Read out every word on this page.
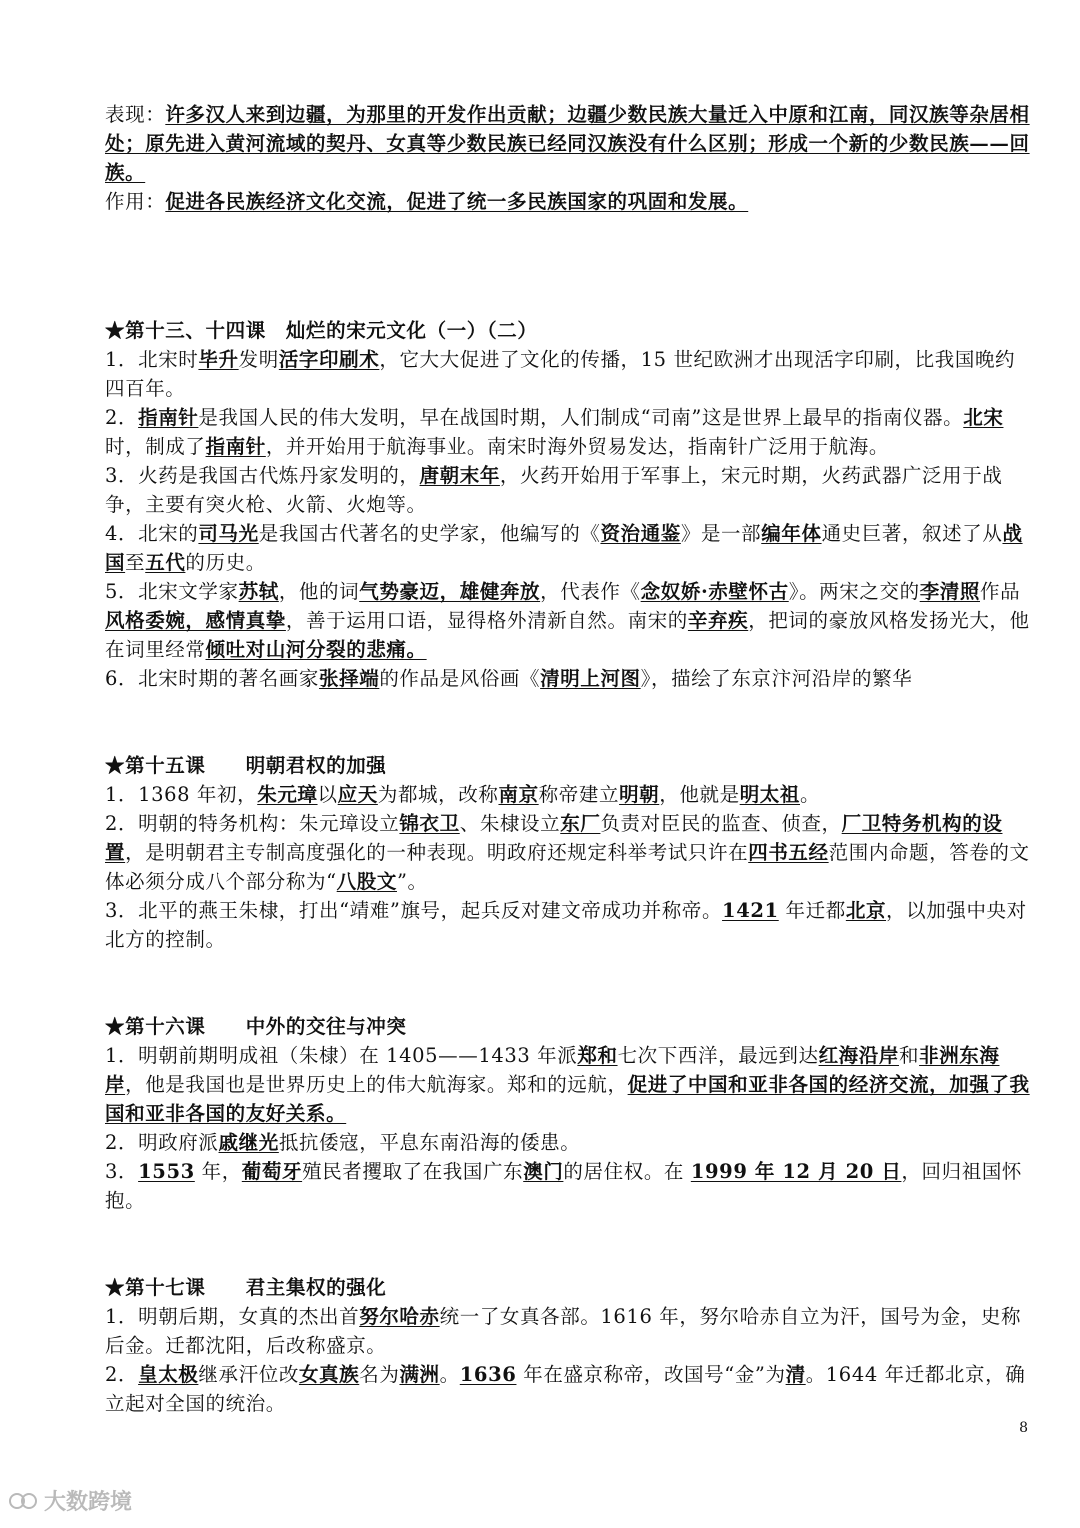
表现：许多汉人来到边疆，为那里的开发作出贡献；边疆少数民族大量迁入中原和江南，同汉族等杂居相处；原先进入黄河流域的契丹、女真等少数民族已经同汉族没有什么区别；形成一个新的少数民族——回族。

作用：促进各民族经济文化交流，促进了统一多民族国家的巩固和发展。

★第十三、十四课　灿烂的宋元文化（一）（二）

1．北宋时毕升发明活字印刷术，它大大促进了文化的传播，15 世纪欧洲才出现活字印刷，比我国晚约四百年。

2．指南针是我国人民的伟大发明，早在战国时期，人们制成“司南”这是世界上最早的指南仪器。北宋时，制成了指南针，并开始用于航海事业。南宋时海外贸易发达，指南针广泛用于航海。

3．火药是我国古代炼丹家发明的，唐朝末年，火药开始用于军事上，宋元时期，火药武器广泛用于战争，主要有突火枪、火箭、火炮等。

4．北宋的司马光是我国古代著名的史学家，他编写的《资治通鉴》是一部编年体通史巨著，叙述了从战国至五代的历史。

5．北宋文学家苏轼，他的词气势豪迈，雄健奔放，代表作《念奴娇·赤壁怀古》。两宋之交的李清照作品风格委婉，感情真挚，善于运用口语，显得格外清新自然。南宋的辛弃疾，把词的豪放风格发扬光大，他在词里经常倾吐对山河分裂的悲痛。

6．北宋时期的著名画家张择端的作品是风俗画《清明上河图》，描绘了东京汴河沿岸的繁华

★第十五课　　明朝君权的加强

1．1368 年初，朱元璋以应天为都城，改称南京称帝建立明朝，他就是明太祖。

2．明朝的特务机构：朱元璋设立锦衣卫、朱棣设立东厂负责对臣民的监查、侦查，厂卫特务机构的设置，是明朝君主专制高度强化的一种表现。明政府还规定科举考试只许在四书五经范围内命题，答卷的文体必须分成八个部分称为“八股文”。

3．北平的燕王朱棣，打出“靖难”旗号，起兵反对建文帝成功并称帝。1421 年迁都北京，以加强中央对北方的控制。

★第十六课　　中外的交往与冲突

1．明朝前期明成祖（朱棣）在 1405——1433 年派郑和七次下西洋，最远到达红海沿岸和非洲东海岸，他是我国也是世界历史上的伟大航海家。郑和的远航，促进了中国和亚非各国的经济交流，加强了我国和亚非各国的友好关系。

2．明政府派戚继光抵抗倭寇，平息东南沿海的倭患。

3．1553 年，葡萄牙殖民者攫取了在我国广东澳门的居住权。在 1999 年 12 月 20 日，回归祖国怀抱。

★第十七课　　君主集权的强化

1．明朝后期，女真的杰出首努尔哈赤统一了女真各部。1616 年，努尔哈赤自立为汗，国号为金，史称后金。迁都沈阳，后改称盛京。

2．皇太极继承汗位改女真族名为满洲。1636 年在盛京称帝，改国号“金”为清。1644 年迁都北京，确立起对全国的统治。

8
大数跨境
